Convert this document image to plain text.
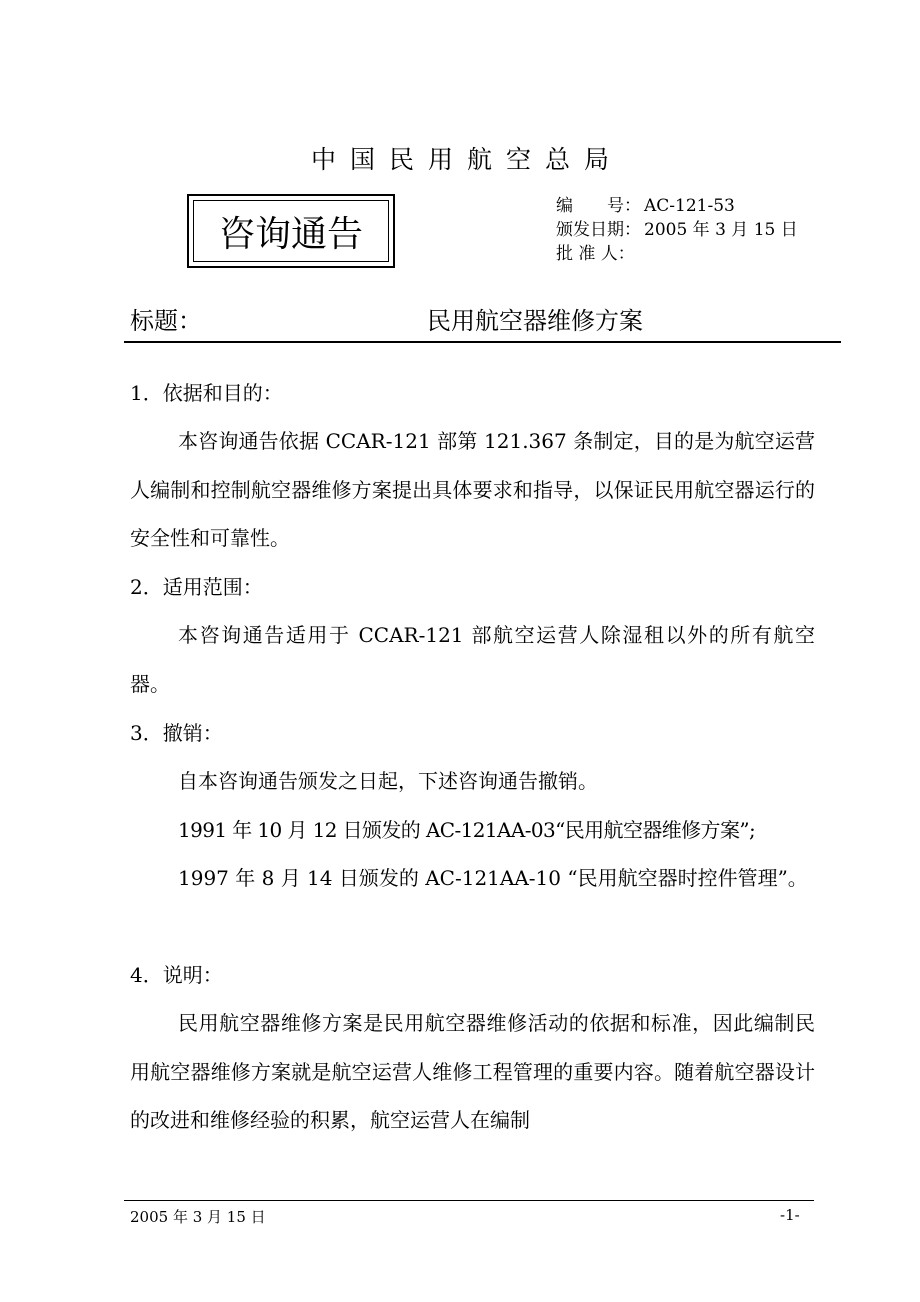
中国民用航空总局
咨询通告
编　　号： AC-121-53
颁发日期： 2005 年 3 月 15 日
批 准 人：
标题：	民用航空器维修方案
1．依据和目的：
本咨询通告依据 CCAR-121 部第 121.367 条制定，目的是为航空运营人编制和控制航空器维修方案提出具体要求和指导，以保证民用航空器运行的安全性和可靠性。
2．适用范围：
本咨询通告适用于 CCAR-121 部航空运营人除湿租以外的所有航空器。
3．撤销：
自本咨询通告颁发之日起，下述咨询通告撤销。
1991 年 10 月 12 日颁发的 AC-121AA-03“民用航空器维修方案”;
1997 年 8 月 14 日颁发的 AC-121AA-10 “民用航空器时控件管理”。
4．说明：
民用航空器维修方案是民用航空器维修活动的依据和标准，因此编制民用航空器维修方案就是航空运营人维修工程管理的重要内容。随着航空器设计的改进和维修经验的积累，航空运营人在编制
2005 年 3 月 15 日	-1-
